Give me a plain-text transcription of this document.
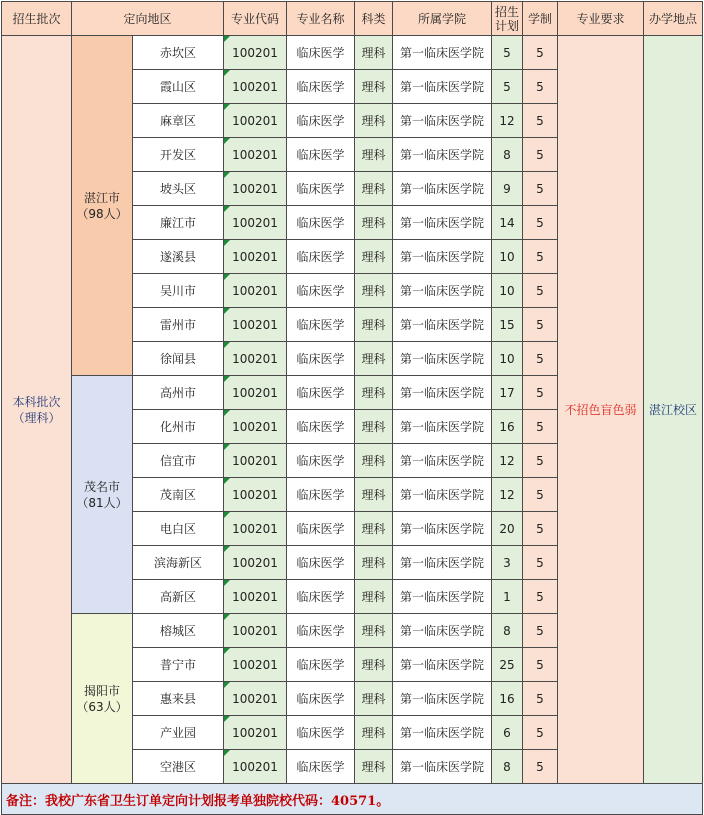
招生批次	定向地区		专业代码	专业名称	科类	所属学院	招生计划	学制	专业要求	办学地点
本科批次（理科）	湛江市（98人）	赤坎区	100201	临床医学	理科	第一临床医学院	5	5	不招色盲色弱	湛江校区
		霞山区	100201	临床医学	理科	第一临床医学院	5	5		
		麻章区	100201	临床医学	理科	第一临床医学院	12	5		
		开发区	100201	临床医学	理科	第一临床医学院	8	5		
		坡头区	100201	临床医学	理科	第一临床医学院	9	5		
		廉江市	100201	临床医学	理科	第一临床医学院	14	5		
		遂溪县	100201	临床医学	理科	第一临床医学院	10	5		
		吴川市	100201	临床医学	理科	第一临床医学院	10	5		
		雷州市	100201	临床医学	理科	第一临床医学院	15	5		
		徐闻县	100201	临床医学	理科	第一临床医学院	10	5		
	茂名市（81人）	高州市	100201	临床医学	理科	第一临床医学院	17	5		
		化州市	100201	临床医学	理科	第一临床医学院	16	5		
		信宜市	100201	临床医学	理科	第一临床医学院	12	5		
		茂南区	100201	临床医学	理科	第一临床医学院	12	5		
		电白区	100201	临床医学	理科	第一临床医学院	20	5		
		滨海新区	100201	临床医学	理科	第一临床医学院	3	5		
		高新区	100201	临床医学	理科	第一临床医学院	1	5		
	揭阳市（63人）	榕城区	100201	临床医学	理科	第一临床医学院	8	5		
		普宁市	100201	临床医学	理科	第一临床医学院	25	5		
		惠来县	100201	临床医学	理科	第一临床医学院	16	5		
		产业园	100201	临床医学	理科	第一临床医学院	6	5		
		空港区	100201	临床医学	理科	第一临床医学院	8	5		
备注：我校广东省卫生订单定向计划报考单独院校代码：40571。										
